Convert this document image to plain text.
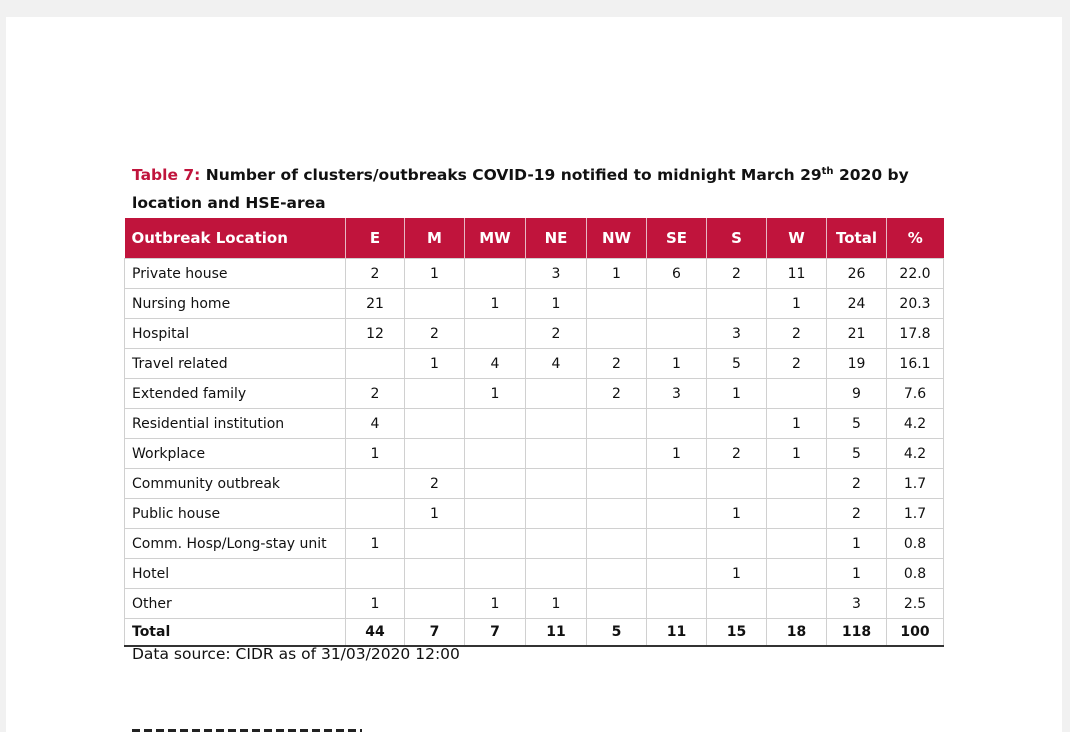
Table 7: Number of clusters/outbreaks COVID-19 notified to midnight March 29th 2020 by location and HSE-area
Outbreak Location	E	M	MW	NE	NW	SE	S	W	Total	%
Private house	2	1		3	1	6	2	11	26	22.0
Nursing home	21		1	1				1	24	20.3
Hospital	12	2		2			3	2	21	17.8
Travel related		1	4	4	2	1	5	2	19	16.1
Extended family	2		1		2	3	1		9	7.6
Residential institution	4							1	5	4.2
Workplace	1					1	2	1	5	4.2
Community outbreak		2							2	1.7
Public house		1					1		2	1.7
Comm. Hosp/Long-stay unit	1								1	0.8
Hotel							1		1	0.8
Other	1		1	1					3	2.5
Total	44	7	7	11	5	11	15	18	118	100
Data source: CIDR as of 31/03/2020 12:00
